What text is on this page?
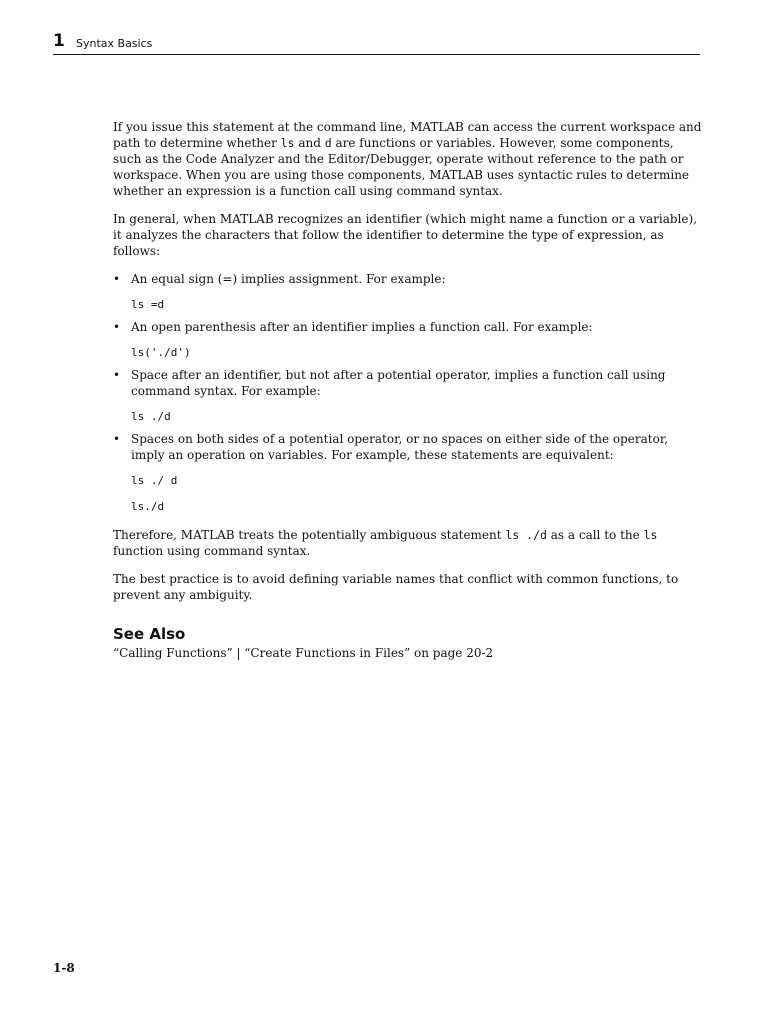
1 Syntax Basics

If you issue this statement at the command line, MATLAB can access the current workspace and path to determine whether ls and d are functions or variables. However, some components, such as the Code Analyzer and the Editor/Debugger, operate without reference to the path or workspace. When you are using those components, MATLAB uses syntactic rules to determine whether an expression is a function call using command syntax.

In general, when MATLAB recognizes an identifier (which might name a function or a variable), it analyzes the characters that follow the identifier to determine the type of expression, as follows:

• An equal sign (=) implies assignment. For example:
ls =d
• An open parenthesis after an identifier implies a function call. For example:
ls('./d')
• Space after an identifier, but not after a potential operator, implies a function call using command syntax. For example:
ls ./d
• Spaces on both sides of a potential operator, or no spaces on either side of the operator, imply an operation on variables. For example, these statements are equivalent:
ls ./ d
ls./d

Therefore, MATLAB treats the potentially ambiguous statement ls ./d as a call to the ls function using command syntax.

The best practice is to avoid defining variable names that conflict with common functions, to prevent any ambiguity.

See Also

“Calling Functions” | “Create Functions in Files” on page 20-2

1-8
